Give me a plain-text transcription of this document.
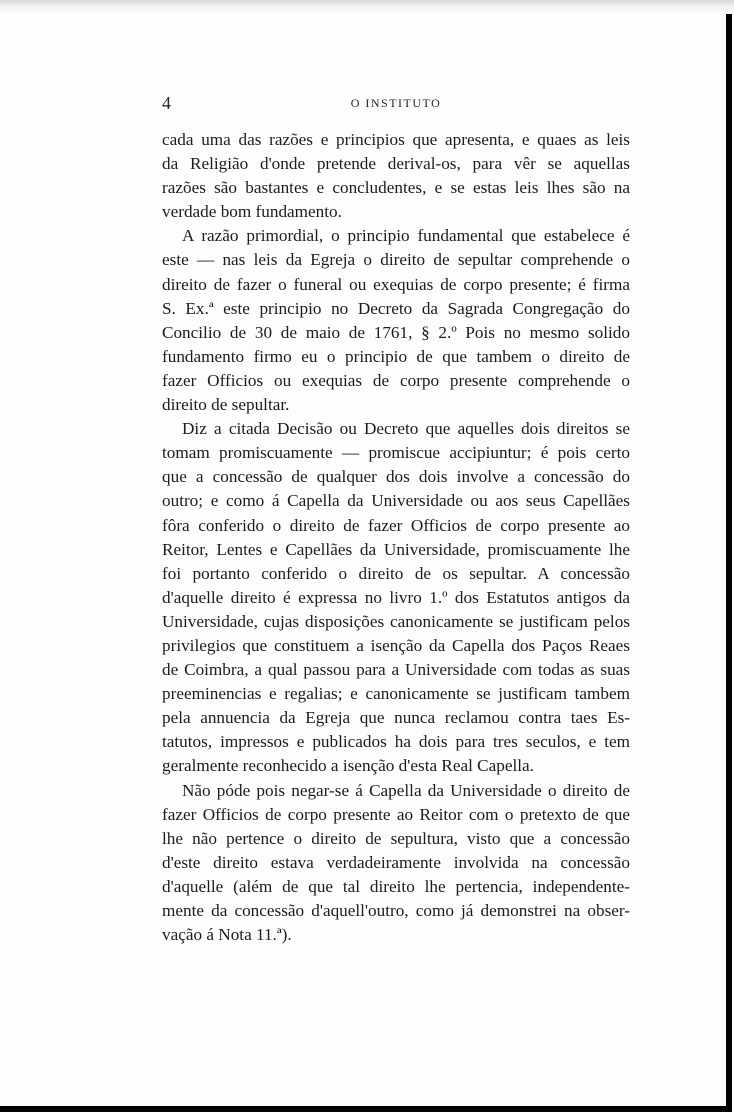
4	O INSTITUTO
cada uma das razões e principios que apresenta, e quaes as leis
da Religião d'onde pretende derival-os, para vêr se aquellas
razões são bastantes e concludentes, e se estas leis lhes são na
verdade bom fundamento.
A razão primordial, o principio fundamental que estabelece é
este — nas leis da Egreja o direito de sepultar comprehende o
direito de fazer o funeral ou exequias de corpo presente; é firma
S. Ex.ª este principio no Decreto da Sagrada Congregação do
Concilio de 30 de maio de 1761, § 2.º Pois no mesmo solido
fundamento firmo eu o principio de que tambem o direito de
fazer Officios ou exequias de corpo presente comprehende o
direito de sepultar.
Diz a citada Decisão ou Decreto que aquelles dois direitos se
tomam promiscuamente — promiscue accipiuntur; é pois certo
que a concessão de qualquer dos dois involve a concessão do
outro; e como á Capella da Universidade ou aos seus Capellães
fôra conferido o direito de fazer Officios de corpo presente ao
Reitor, Lentes e Capellães da Universidade, promiscuamente lhe
foi portanto conferido o direito de os sepultar. A concessão
d'aquelle direito é expressa no livro 1.º dos Estatutos antigos da
Universidade, cujas disposições canonicamente se justificam pelos
privilegios que constituem a isenção da Capella dos Paços Reaes
de Coimbra, a qual passou para a Universidade com todas as suas
preeminencias e regalias; e canonicamente se justificam tambem
pela annuencia da Egreja que nunca reclamou contra taes Es-
tatutos, impressos e publicados ha dois para tres seculos, e tem
geralmente reconhecido a isenção d'esta Real Capella.
Não póde pois negar-se á Capella da Universidade o direito de
fazer Officios de corpo presente ao Reitor com o pretexto de que
lhe não pertence o direito de sepultura, visto que a concessão
d'este direito estava verdadeiramente involvida na concessão
d'aquelle (além de que tal direito lhe pertencia, independente-
mente da concessão d'aquell'outro, como já demonstrei na obser-
vação á Nota 11.ª).
